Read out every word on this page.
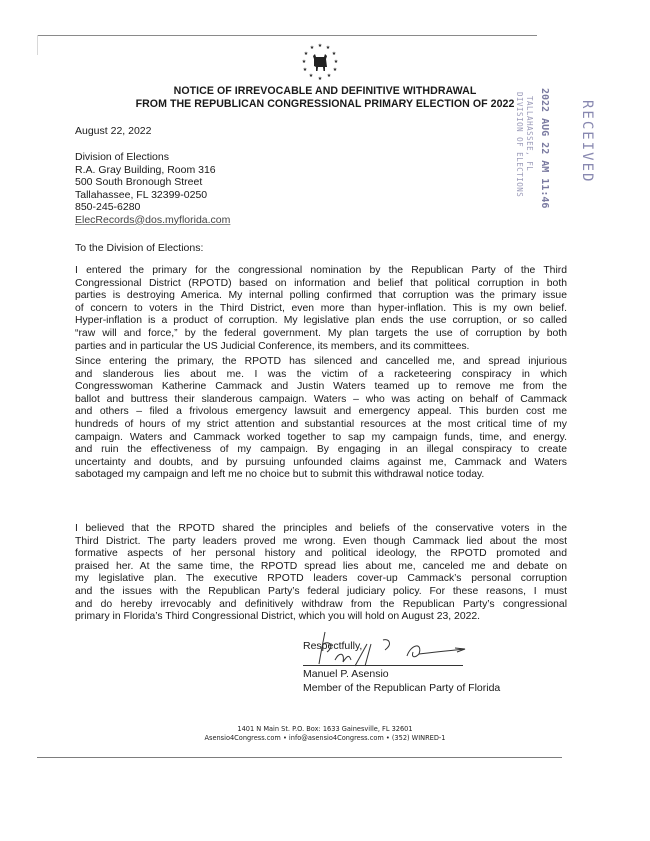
★ ★
★
★
★
★
★
★
★
★
★ ★
NOTICE OF IRREVOCABLE AND DEFINITIVE WITHDRAWAL
FROM THE REPUBLICAN CONGRESSIONAL PRIMARY ELECTION OF 2022 DIVISION OF ELECTIONS TALLAHASSEE, FL 2022 AUG 22 AM 11:46 RECEIVED
August 22, 2022
Division of Elections
R.A. Gray Building, Room 316
500 South Bronough Street
Tallahassee, FL 32399-0250
850-245-6280
ElecRecords@dos.myflorida.com
To the Division of Elections:
I entered the primary for the congressional nomination by the Republican Party of the Third
Congressional District (RPOTD) based on information and belief that political corruption in both
parties is destroying America. My internal polling confirmed that corruption was the primary issue
of concern to voters in the Third District, even more than hyper-inflation. This is my own belief.
Hyper-inflation is a product of corruption. My legislative plan ends the use corruption, or so called
“raw will and force,” by the federal government. My plan targets the use of corruption by both
parties and in particular the US Judicial Conference, its members, and its committees.
Since entering the primary, the RPOTD has silenced and cancelled me, and spread injurious
and slanderous lies about me. I was the victim of a racketeering conspiracy in which
Congresswoman Katherine Cammack and Justin Waters teamed up to remove me from the
ballot and buttress their slanderous campaign. Waters – who was acting on behalf of Cammack
and others – filed a frivolous emergency lawsuit and emergency appeal. This burden cost me
hundreds of hours of my strict attention and substantial resources at the most critical time of my
campaign. Waters and Cammack worked together to sap my campaign funds, time, and energy.
and ruin the effectiveness of my campaign. By engaging in an illegal conspiracy to create
uncertainty and doubts, and by pursuing unfounded claims against me, Cammack and Waters
sabotaged my campaign and left me no choice but to submit this withdrawal notice today.
I believed that the RPOTD shared the principles and beliefs of the conservative voters in the
Third District. The party leaders proved me wrong. Even though Cammack lied about the most
formative aspects of her personal history and political ideology, the RPOTD promoted and
praised her. At the same time, the RPOTD spread lies about me, canceled me and debate on
my legislative plan. The executive RPOTD leaders cover-up Cammack’s personal corruption
and the issues with the Republican Party’s federal judiciary policy. For these reasons, I must
and do hereby irrevocably and definitively withdraw from the Republican Party’s congressional
primary in Florida’s Third Congressional District, which you will hold on August 23, 2022.
Respectfully,
Manuel P. Asensio
Member of the Republican Party of Florida
1401 N Main St. P.O. Box: 1633 Gainesville, FL 32601
Asensio4Congress.com • info@asensio4Congress.com • (352) WINRED-1
